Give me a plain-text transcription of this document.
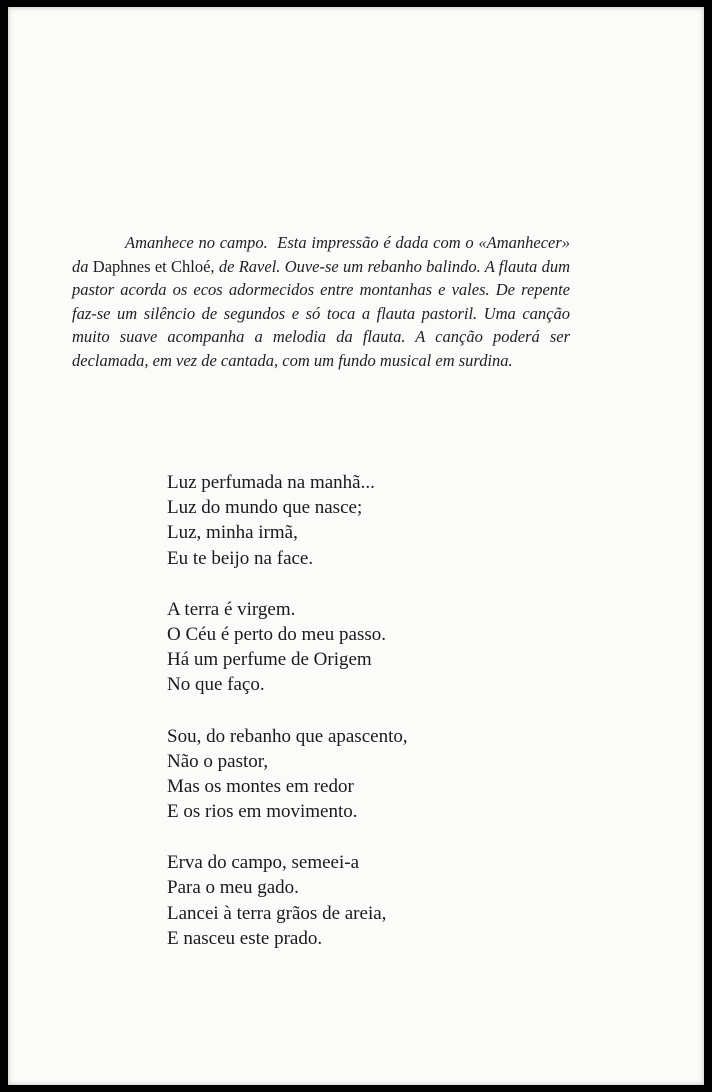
Amanhece no campo. Esta impressão é dada com o «Amanhecer» da Daphnes et Chloé, de Ravel. Ouve-se um rebanho balindo. A flauta dum pastor acorda os ecos adormecidos entre montanhas e vales. De repente faz-se um silêncio de segundos e só toca a flauta pastoril. Uma canção muito suave acompanha a melodia da flauta. A canção poderá ser declamada, em vez de cantada, com um fundo musical em surdina.

Luz perfumada na manhã...
Luz do mundo que nasce;
Luz, minha irmã,
Eu te beijo na face.
A terra é virgem.
O Céu é perto do meu passo.
Há um perfume de Origem
No que faço.
Sou, do rebanho que apascento,
Não o pastor,
Mas os montes em redor
E os rios em movimento.
Erva do campo, semeei-a
Para o meu gado.
Lancei à terra grãos de areia,
E nasceu este prado.
